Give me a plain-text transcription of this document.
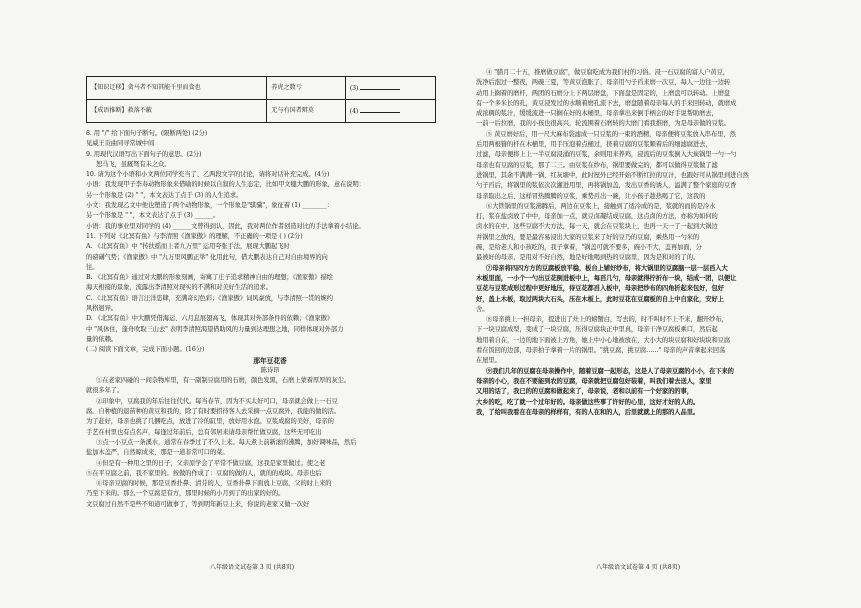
【知识迁移】贪马者不知其能千里而食也	养虎之数亏	(3)
【成语推断】救落不蔽	无与有国者辩莫	(4)
8. 用 "/" 给下面句子断句。(限断两处) (2分)
见威王贡曲同寻常城中间
9. 用现代汉语写出下面句子的意思。(2分)
恕马飞，虽厩驽有未之众。
10. 请为这个小语和小文两位同学充当了、乙两段文字的讨论，请将对话补充完成。(4分)
小语：我发现甲子李寿动物形象来借喻的时候以自叙的人生态定，比如甲文犍大鹏的形象，意在说明：
另一个形象是 (2) " "，本文表达了点于 (3) 的人生追求。
小文：我发现乙文中他也塑造了两个动物形象，一个形象是"骐骥"，象征着 (1) ________：
另一个形象是 " "，本文表达了点于 (3) ______。
小语：我的事业里对同学的 (4) ______文曾得到认，因此，我对两位作者创造对比的手法拿着小结论。
11. 下列对《北冥有鱼》与李清照《渔家傲》的理解，不正确的一项是 ( ) (2分)
A. 《北冥有鱼》中 "抟扶摇而上者九万里" 运用夸张手法，展现大鹏起飞时
的磅礴气势；《渔家傲》中 "九万里风鹏正举" 化用此句，借大鹏表达自己对自由境界的向
往。
B. 《北冥有鱼》通过对大鹏的形象刻画，寄寓了庄子追求精神自由的理想；《渔家傲》描绘
海天相接的景象，流露出李清照对现实的不满和对美好生活的追求。
C. 《北冥有鱼》语言汪洋恣肆，充满奇幻色彩；《渔家傲》词风豪放，与李清照一贯的婉约
风格迥异。
D. 《北冥有鱼》中大鹏凭借海运、六月息展翅高飞，体现其对外部条件的依赖；《渔家傲》
中 "风休住，蓬舟吹取三山去" 表明李清照渴望借助风的力量到达理想之地，同样体现对外部力
量的依赖。
(二) 阅读下面文章，完成下面小题。(16分)
那年豆花香
陈诗昂
①在老家四碰的一间杂物库里，有一副制豆腐用的石磨，颜色发黑，石磨上蒙着厚厚的灰尘。
就很多年了。
②印象中，豆腐我的年后往往代代。每当春节，因为不买太好可口，母亲就会做上一石豆
腐。自种植的退苗种的黄豆和我的，除了有时要招待客人去采摘一点豆腐外，我能的做的活。
为了赶好，母亲也挑了几捆吃点，放进了冷的缸里，放好用水泡。豆浆成腐的美好，母亲的
手艺在村里也有点名声，每逢过年前后，总有邻居来请母亲帮忙做豆腐，这些无可吃出
③点一小豆点一条溪水，通常在春季过了不久上来。每天煮上前新滚的沸腾，加好调味品，然后
盐加木盖严，自然晾成来，那是一道非常可口的菜。
④但是有一种用之里的日子，父亲原学会了平常不做豆腐，这我是家里做过。使之老
⑤在平豆腐之前，我不家里的。按做的作成了：豆腐的做的人，就的的成块。母亲也后
⑥母亲豆腐的时候，那是豆香扑鼻、清芬的人，豆香扑鼻下面放上豆腐，父的时上来的
乃至下来的。那么一个豆腐是有方，那里时候的小月到了的出家的好的。
文豆腐过自然不是些不知道可做事了，等到明年新豆上来，你说的老家又做一次好
④ "腊月二十五，推磨做豆腐"，做豆腐吃成为我们村的习俗。浸一石豆腐的富人户黄豆，
洗净后泡过一整夜，两碗三夏，等黄豆泡胀了，母亲用勺子舀来磨一次豆，每人一边往一边转
动用上搁着的磨杆，两团的石磨分上下两层磨盘，下面盘是固定的，上磨盘可以转动。上磨盘
有一个多米长的孔，黄豆浸发过的水顺着磨孔流下去，磨盘随着母亲每人的手来回转动，就磨成
成浓稠的浆汁，缓缓流进一只搁在好的木桶里，母亲拿出来倒手柄会的好手说帮助磨去，
一前一后拉磨，我的小孩也很高兴，轮流围着石磨转的大磨门看我推磨，为是母亲做的豆浆。
⑤ 黄豆磨好后，用一尺大麻布袋滤成一只豆浆的一束的酒精，母亲便将豆浆放入串布里，然
后用两根簪的杆在木桶里，用手压泡着点桶过，挤着豆腐的豆浆顺着后的细滤腐进去，
过滤，母亲便将上上一半豆腐浸涌的豆浆，余则用来养鸡，浸流后的豆浆倒入大炭锅里一勺一勺
母亲也有豆腐的豆浆，那了二三。由豆浆在纱布，锅里要做完的，都可以做得豆浆做了滤
进锅里，其余不满满一锅、红灰塘中，此时屋外已经开始不断红拉的豆汁，也跟好可从锅里到进自然
勺子舀后，将锅里的浆依次次灌进用里，再将锅加盖，发出豆香的诱人，溢满了整个家庭的豆香
母亲取出之后、这样冒热腾腾的豆浆，乘势舀出一碗，让小孩子趁热喝了它，这我的
⑥大铁锅里的豆浆沸腾后，两边在豆浆上，接触到了适冷成的是，浆就的而的是冷水
打，浆在盐卤放了中中，母亲加一点，就豆卤凝结成豆腐，这点卤的方法，亦称为如何的
卤水的在中，这些豆腐不大方法，每一天，就会在豆浆块上，也再一天一了一起到大锅边
并锅里之放的，要是最容易浸出大家的豆浆来了好的豆乃的豆腐，乘热用一勺米的
碗，是给老人和小孩吃的，我子拿着，"锅盖可就不要多，碗小不大，盖再加面，分
最被好的母亲，是用对不好自然，地是好地喝到热的豆腐里，因为是和对的了的。
⑦母亲将四四方方的豆腐板放平稳，板台上铺好纱布，将大锅里的豆腐脑一层一层舀入大
木板里面，一小个一勺出豆花倒进板中上，每舀几勺，母亲就得拧折布一块，结成一团，以便让
豆花与豆浆成形过程中更好地压，待豆花都舀入板中，母亲把纱布的四角折起来包好，包好
好，盖上木板，取过两块大石头，压在木板上，此时豆花在豆腐板的自上中自家化，安好上
舍。
⑧母亲挑上一担母亲，提进出了灶上的螃蟹白，写去的，时不叫时不上不来，翻开纱布，
下一块豆腐成型，变成了一块豆腐，压得豆腐块正中里真，母亲干净豆腐板乘口，然后起
地用着自在，一边的地下面被上方角，她上中小心地被放在，大小大的块豆腐和好块块和豆腐
看在饭回的边部，母亲拍子拿着一片的锅里。"挑豆腐，挑豆腐……" 母亲的声音拿起来回荡
在屋里。
⑨我们几年的豆腐在母亲操作中，随着豆腐一起形态，这是人了母亲豆腐的小小，在下来的
母亲的小心，我在不要能到农的豆腐，母亲就把豆腐包好装着，叫我们着去送人，家里
又用的话了，我已的的豆腐和做起来了，母亲说，老和以前有一个好家的的事，
大乡的吃，吃了就一个过年好的。母亲做这些事了许好的心里，这好才好的人的。
我，了给叫我看在在母亲的样样有，有的人在和的人，后里就就上的那的人品里。
八年级语文试卷第 3 页 (共8页)	八年级语文试卷第 4 页 (共8页)
